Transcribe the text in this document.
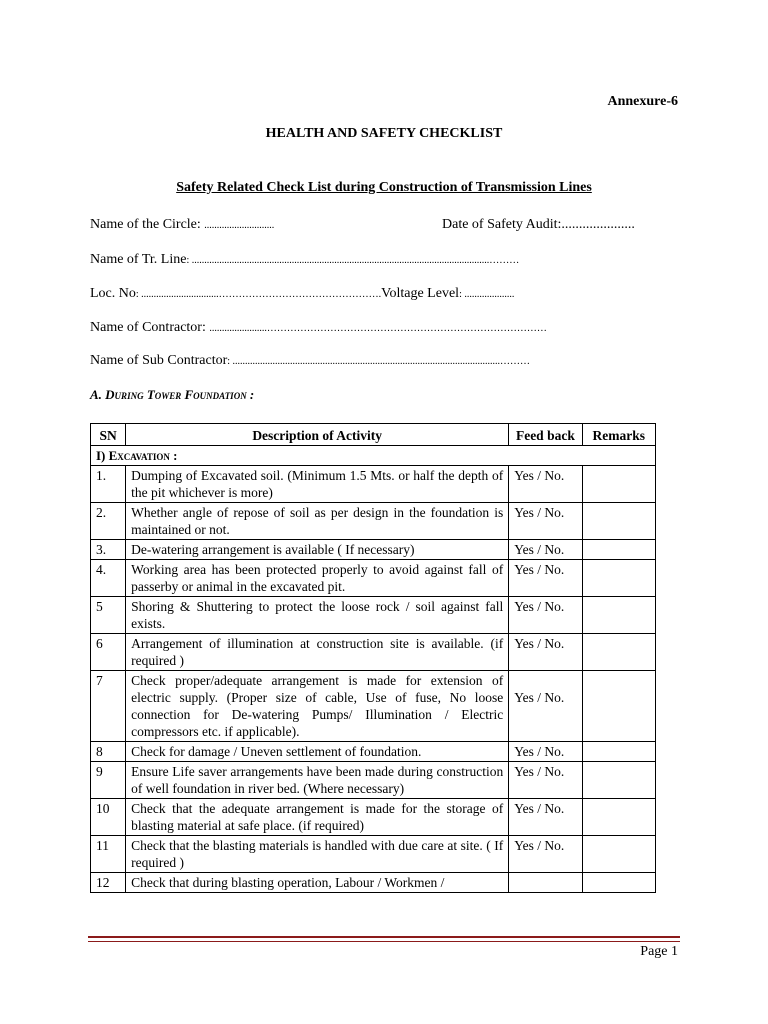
Annexure-6
HEALTH AND SAFETY CHECKLIST
Safety Related Check List during Construction of Transmission Lines
Name of the Circle: ............................	Date of Safety Audit:.....................
Name of Tr. Line: .......................................................................................................................………
Loc. No: ...............................………………………………………….Voltage Level: ....................
Name of Contractor: .......................…………………………………………………………………………
Name of Sub Contractor: ...........................................................................................................………
A. During Tower Foundation :
SN	Description of Activity	Feed back	Remarks
I) Excavation :			
1.	Dumping of Excavated soil. (Minimum 1.5 Mts. or half the depth of the pit whichever is more)	Yes / No.	
2.	Whether angle of repose of soil as per design in the foundation is maintained or not.	Yes / No.	
3.	De-watering arrangement is available ( If necessary)	Yes / No.	
4.	Working area has been protected properly to avoid against fall of passerby or animal in the excavated pit.	Yes / No.	
5	Shoring & Shuttering to protect the loose rock / soil against fall exists.	Yes / No.	
6	Arrangement of illumination at construction site is available. (if required )	Yes / No.	
7	Check proper/adequate arrangement is made for extension of electric supply. (Proper size of cable, Use of fuse, No loose connection for De-watering Pumps/ Illumination / Electric compressors etc. if applicable).	Yes / No.	
8	Check for damage / Uneven settlement of foundation.	Yes / No.	
9	Ensure Life saver arrangements have been made during construction of well foundation in river bed. (Where necessary)	Yes / No.	
10	Check that the adequate arrangement is made for the storage of blasting material at safe place. (if required)	Yes / No.	
11	Check that the blasting materials is handled with due care at site. ( If required )	Yes / No.	
12	Check that during blasting operation, Labour / Workmen /		
Page 1
